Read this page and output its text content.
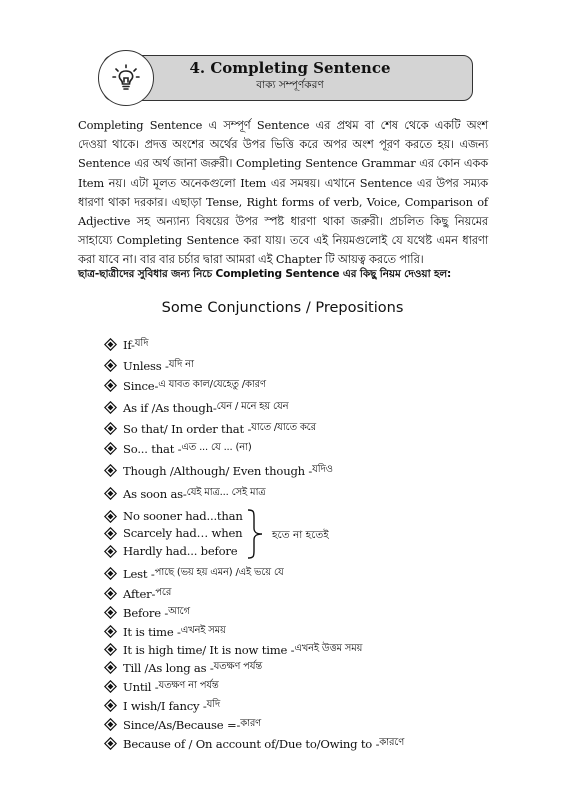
4. Completing Sentence
বাক্য সম্পূর্ণকরণ

Completing Sentence এ সম্পূর্ণ Sentence এর প্রথম বা শেষ থেকে একটি অংশ দেওয়া থাকে। প্রদত্ত অংশের অর্থের উপর ভিত্তি করে অপর অংশ পূরণ করতে হয়। এজন্য Sentence এর অর্থ জানা জরুরী। Completing Sentence Grammar এর কোন একক Item নয়। এটা মূলত অনেকগুলো Item এর সমন্বয়। এখানে Sentence এর উপর সম্যক ধারণা থাকা দরকার। এছাড়া Tense, Right forms of verb, Voice, Comparison of Adjective সহ অন্যান্য বিষয়ের উপর স্পষ্ট ধারণা থাকা জরুরী। প্রচলিত কিছু নিয়মের সাহায্যে Completing Sentence করা যায়। তবে এই নিয়মগুলোই যে যথেষ্ট এমন ধারণা করা যাবে না। বার বার চর্চার দ্বারা আমরা এই Chapter টি আয়ত্ব করতে পারি।

ছাত্র-ছাত্রীদের সুবিধার জন্য নিচে Completing Sentence এর কিছু নিয়ম দেওয়া হল:
Some Conjunctions / Prepositions
If- যদি
Unless - যদি না
Since- এ যাবত কাল/যেহেতু /কারণ
As if /As though- যেন / মনে হয় যেন
So that/ In order that - যাতে /যাতে করে
So... that - এত ... যে ... (না)
Though /Although/ Even though - যদিও
As soon as- যেই মাত্র... সেই মাত্র
No sooner had...than
Scarcely had… when
Hardly had... before
Lest - পাছে (ভয় হয় এমন) /এই ভয়ে যে
After- পরে
Before - আগে
It is time - এখনই সময়
It is high time/ It is now time - এখনই উত্তম সময়
Till /As long as - যতক্ষণ পর্যন্ত
Until - যতক্ষণ না পর্যন্ত
I wish/I fancy - যদি
Since/As/Because =- কারণ
Because of / On account of/Due to/Owing to - কারণে
হতে না হতেই
